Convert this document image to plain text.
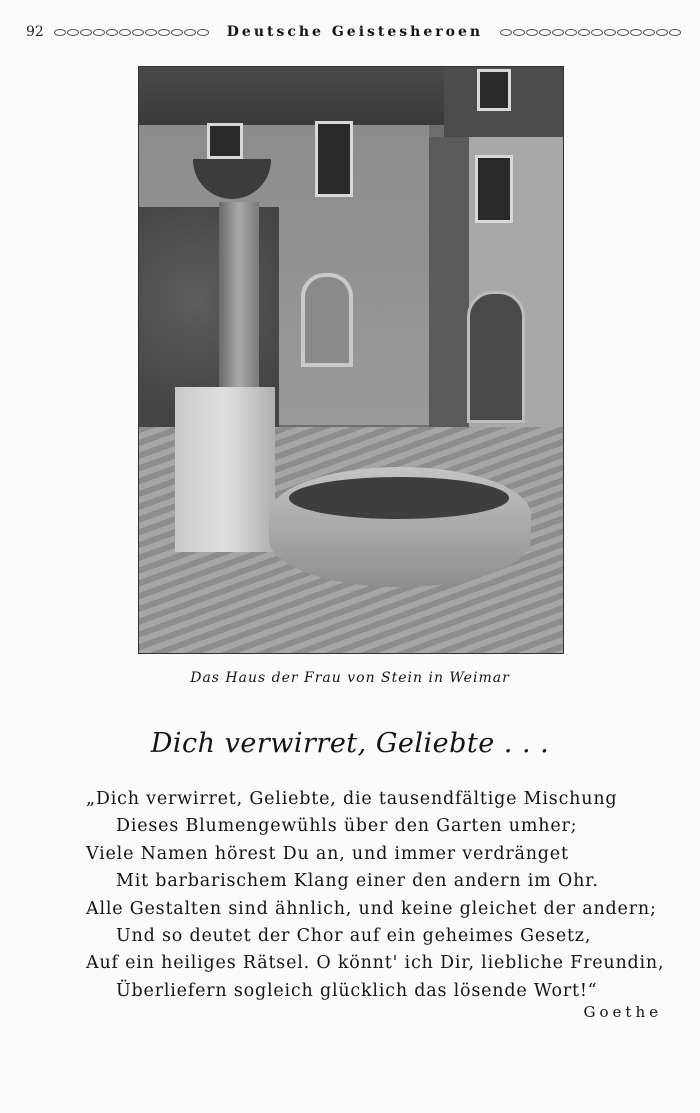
92	Deutsche Geistesheroen
Das Haus der Frau von Stein in Weimar
Dich verwirret, Geliebte . . .
„Dich verwirret, Geliebte, die tausendfältige Mischung
Dieses Blumengewühls über den Garten umher;
Viele Namen hörest Du an, und immer verdränget
Mit barbarischem Klang einer den andern im Ohr.
Alle Gestalten sind ähnlich, und keine gleichet der andern;
Und so deutet der Chor auf ein geheimes Gesetz,
Auf ein heiliges Rätsel. O könnt' ich Dir, liebliche Freundin,
Überliefern sogleich glücklich das lösende Wort!“
Goethe
